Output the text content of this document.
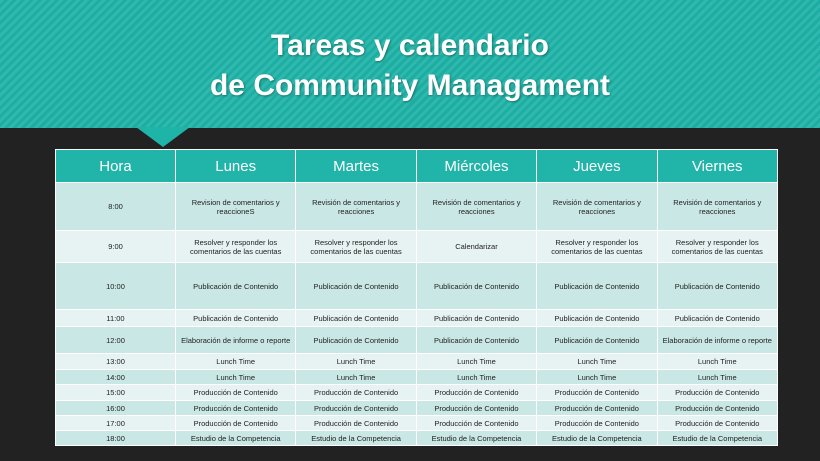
Tareas y calendario
de Community Managament
Hora	Lunes	Martes	Miércoles	Jueves	Viernes
8:00	Revision de comentarios y reaccioneS	Revisión de comentarios y reacciones	Revisión de comentarios y reacciones	Revisión de comentarios y reacciones	Revisión de comentarios y reacciones
9:00	Resolver y responder los comentarios de las cuentas	Resolver y responder los comentarios de las cuentas	Calendarizar	Resolver y responder los comentarios de las cuentas	Resolver y responder los comentarios de las cuentas
10:00	Publicación de Contenido	Publicación de Contenido	Publicación de Contenido	Publicación de Contenido	Publicación de Contenido
11:00	Publicación de Contenido	Publicación de Contenido	Publicación de Contenido	Publicación de Contenido	Publicación de Contenido
12:00	Elaboración de informe o reporte	Publicación de Contenido	Publicación de Contenido	Publicación de Contenido	Elaboración de informe o reporte
13:00	Lunch Time	Lunch Time	Lunch Time	Lunch Time	Lunch Time
14:00	Lunch Time	Lunch Time	Lunch Time	Lunch Time	Lunch Time
15:00	Producción de Contenido	Producción de Contenido	Producción de Contenido	Producción de Contenido	Producción de Contenido
16:00	Producción de Contenido	Producción de Contenido	Producción de Contenido	Producción de Contenido	Producción de Contenido
17:00	Producción de Contenido	Producción de Contenido	Producción de Contenido	Producción de Contenido	Producción de Contenido
18:00	Estudio de la Competencia	Estudio de la Competencia	Estudio de la Competencia	Estudio de la Competencia	Estudio de la Competencia
